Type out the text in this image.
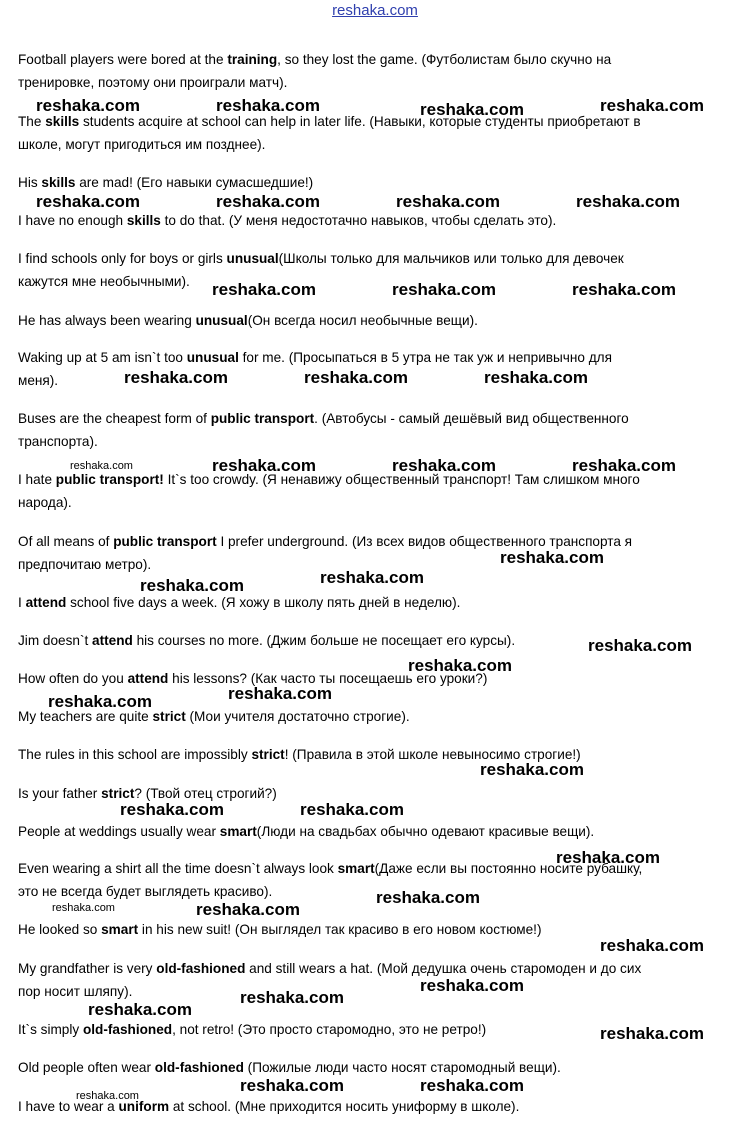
reshaka.com
Football players were bored at the training, so they lost the game. (Футболистам было скучно на
тренировке, поэтому они проиграли матч).
The skills students acquire at school can help in later life. (Навыки, которые студенты приобретают в
школе, могут пригодиться им позднее).
His skills are mad! (Его навыки сумасшедшие!)
I have no enough skills to do that. (У меня недостотачно навыков, чтобы сделать это).
I find schools only for boys or girls unusual(Школы только для мальчиков или только для девочек
кажутся мне необычными).
He has always been wearing unusual(Он всегда носил необычные вещи).
Waking up at 5 am isn`t too unusual for me. (Просыпаться в 5 утра не так уж и непривычно для
меня).
Buses are the cheapest form of public transport. (Автобусы - самый дешёвый вид общественного
транспорта).
I hate public transport! It`s too crowdy. (Я ненавижу общественный транспорт! Там слишком много
народа).
Of all means of public transport I prefer underground. (Из всех видов общественного транспорта я
предпочитаю метро).
I attend school five days a week. (Я хожу в школу пять дней в неделю).
Jim doesn`t attend his courses no more. (Джим больше не посещает его курсы).
How often do you attend his lessons? (Как часто ты посещаешь его уроки?)
My teachers are quite strict (Мои учителя достаточно строгие).
The rules in this school are impossibly strict! (Правила в этой школе невыносимо строгие!)
Is your father strict? (Твой отец строгий?)
People at weddings usually wear smart(Люди на свадьбах обычно одевают красивые вещи).
Even wearing a shirt all the time doesn`t always look smart(Даже если вы постоянно носите рубашку,
это не всегда будет выглядеть красиво).
He looked so smart in his new suit! (Он выглядел так красиво в его новом костюме!)
My grandfather is very old-fashioned and still wears a hat. (Мой дедушка очень старомоден и до сих
пор носит шляпу).
It`s simply old-fashioned, not retro! (Это просто старомодно, это не ретро!)
Old people often wear old-fashioned (Пожилые люди часто носят старомодный вещи).
I have to wear a uniform at school. (Мне приходится носить униформу в школе).
reshaka.com	reshaka.com	reshaka.com	reshaka.com
reshaka.com	reshaka.com	reshaka.com	reshaka.com
reshaka.com	reshaka.com	reshaka.com
reshaka.com	reshaka.com	reshaka.com
reshaka.com	reshaka.com	reshaka.com	reshaka.com
reshaka.com
reshaka.com
reshaka.com
reshaka.com
reshaka.com
reshaka.com
reshaka.com
reshaka.com
reshaka.com	reshaka.com
reshaka.com
reshaka.com
reshaka.com	reshaka.com
reshaka.com
reshaka.com
reshaka.com
reshaka.com
reshaka.com
reshaka.com	reshaka.com
reshaka.com
